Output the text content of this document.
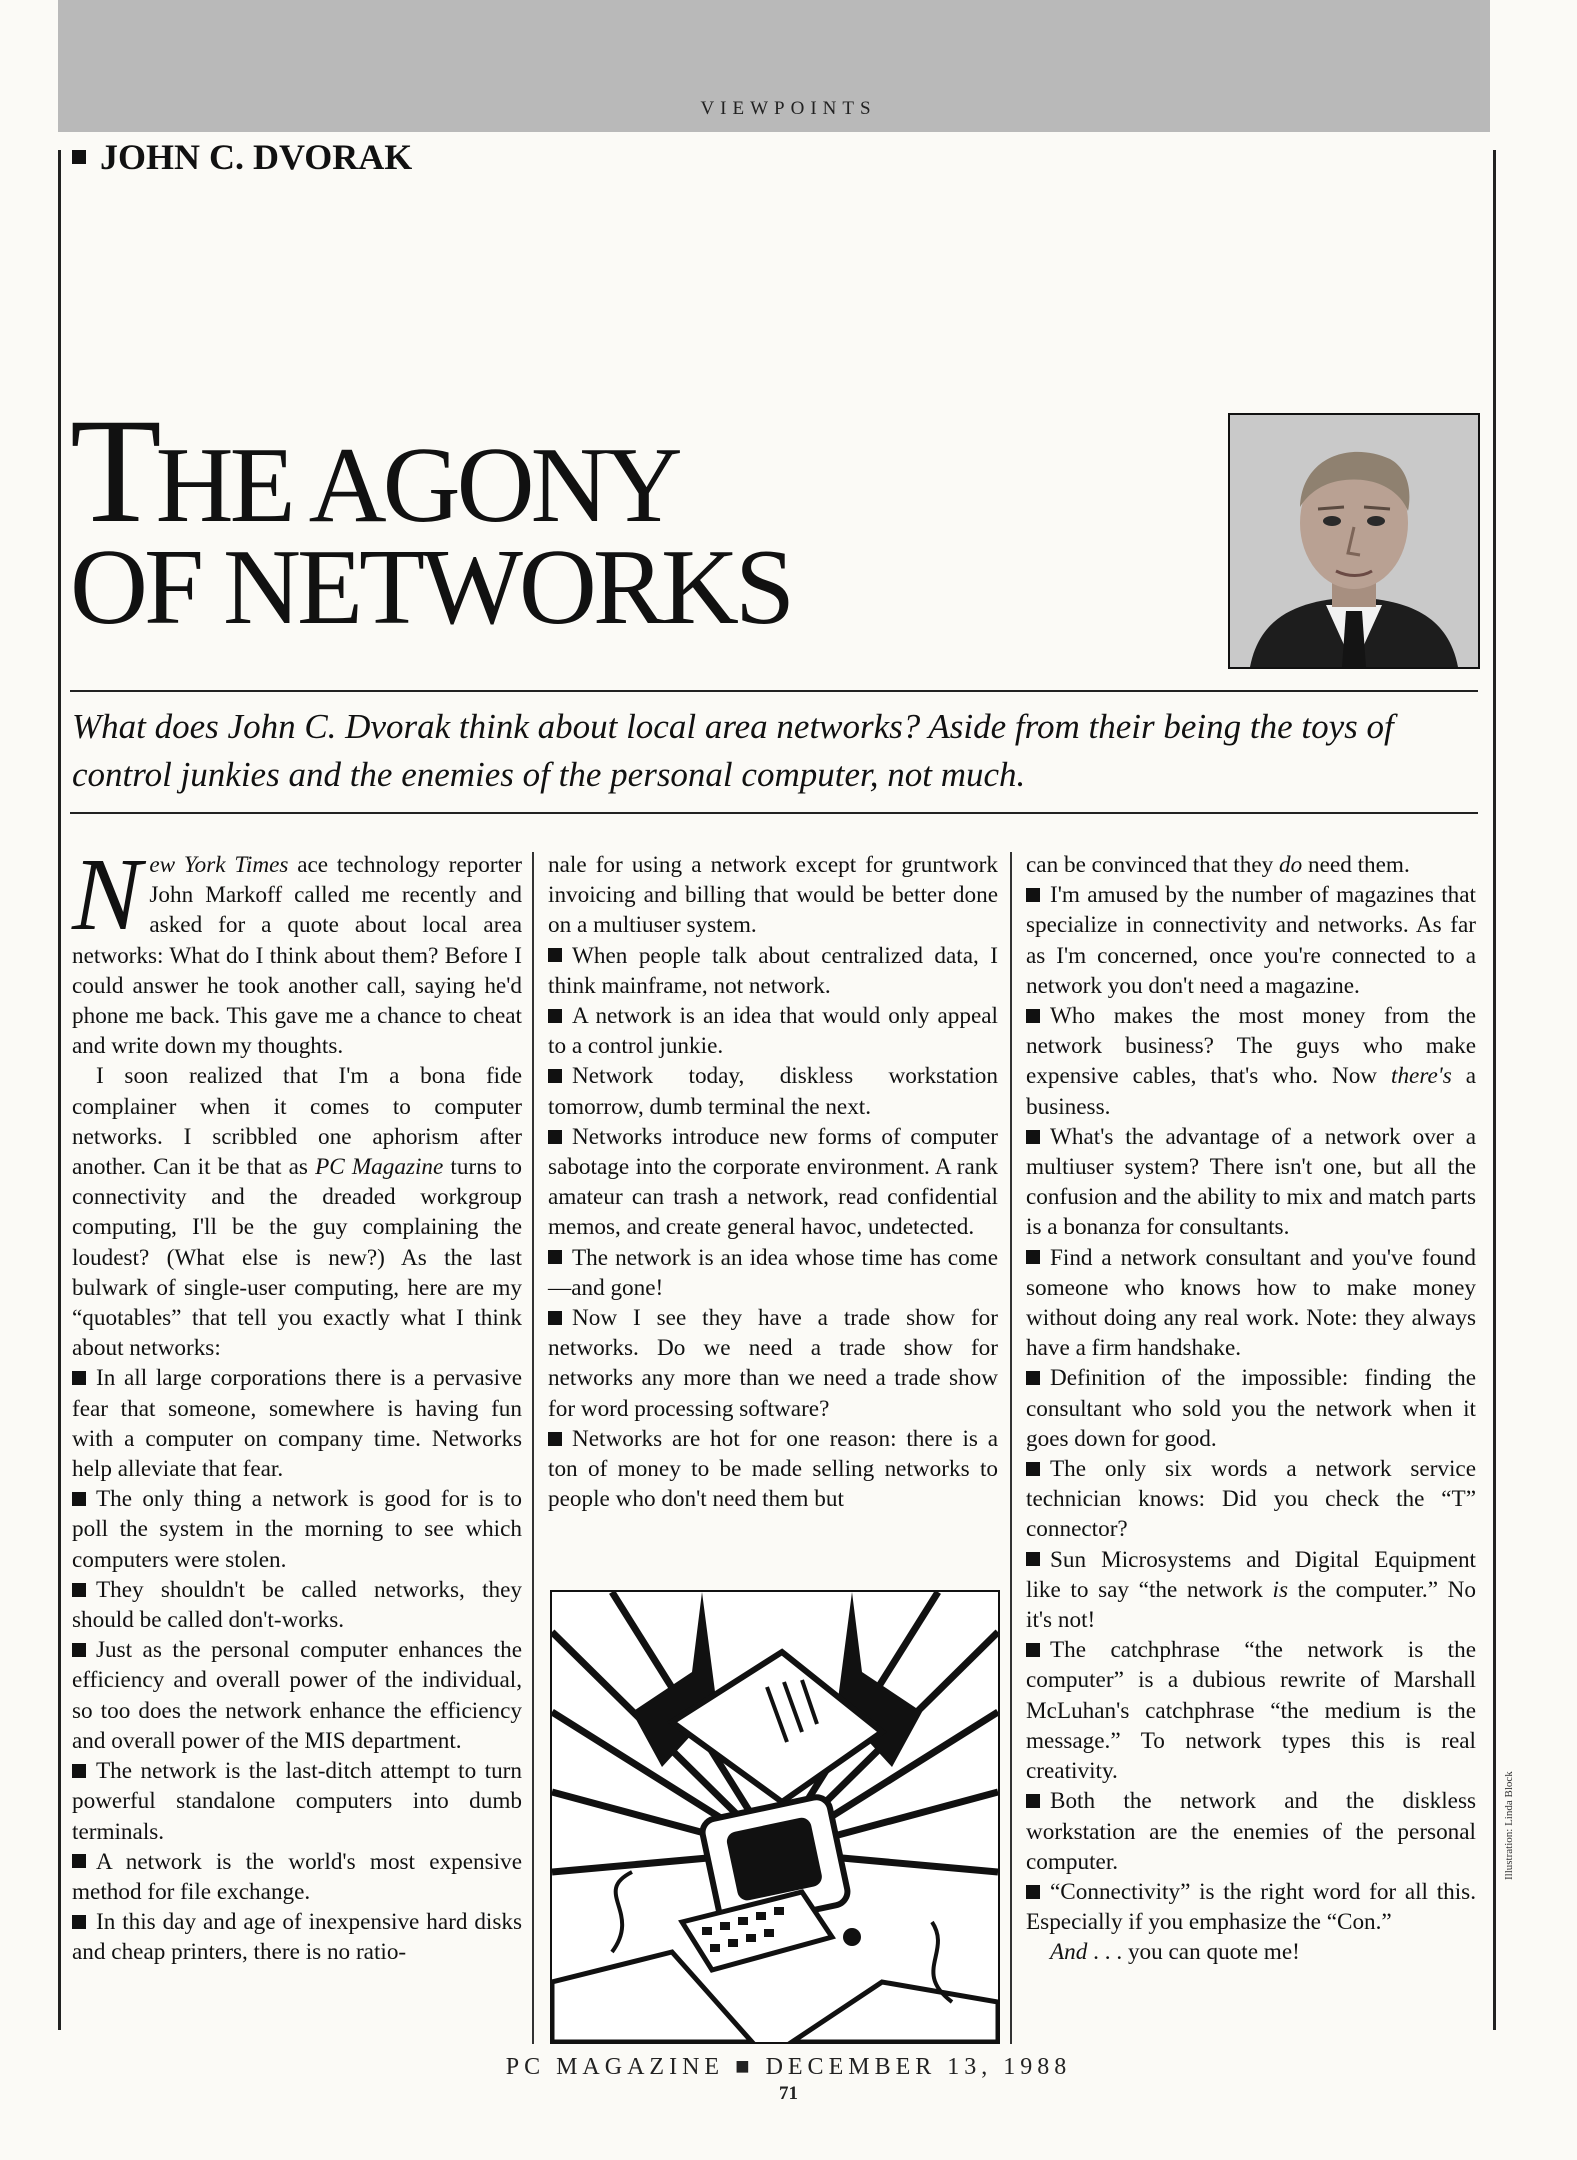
VIEWPOINTS
JOHN C. DVORAK
THE AGONY
OF NETWORKS
What does John C. Dvorak think about local area networks? Aside from their being the toys of control junkies and the enemies of the personal computer, not much.

New York Times ace technology reporter John Markoff called me recently and asked for a quote about local area networks: What do I think about them? Before I could answer he took another call, saying he'd phone me back. This gave me a chance to cheat and write down my thoughts.

I soon realized that I'm a bona fide complainer when it comes to computer networks. I scribbled one aphorism after another. Can it be that as PC Magazine turns to connectivity and the dreaded workgroup computing, I'll be the guy complaining the loudest? (What else is new?) As the last bulwark of single-user computing, here are my “quotables” that tell you exactly what I think about networks:

In all large corporations there is a pervasive fear that someone, somewhere is having fun with a computer on company time. Networks help alleviate that fear.

The only thing a network is good for is to poll the system in the morning to see which computers were stolen.

They shouldn't be called networks, they should be called don't-works.

Just as the personal computer enhances the efficiency and overall power of the individual, so too does the network enhance the efficiency and overall power of the MIS department.

The network is the last-ditch attempt to turn powerful standalone computers into dumb terminals.

A network is the world's most expensive method for file exchange.

In this day and age of inexpensive hard disks and cheap printers, there is no ratio-

nale for using a network except for gruntwork invoicing and billing that would be better done on a multiuser system.

When people talk about centralized data, I think mainframe, not network.

A network is an idea that would only appeal to a control junkie.

Network today, diskless workstation tomorrow, dumb terminal the next.

Networks introduce new forms of computer sabotage into the corporate environment. A rank amateur can trash a network, read confidential memos, and create general havoc, undetected.

The network is an idea whose time has come—and gone!

Now I see they have a trade show for networks. Do we need a trade show for networks any more than we need a trade show for word processing software?

Networks are hot for one reason: there is a ton of money to be made selling networks to people who don't need them but

can be convinced that they do need them.

I'm amused by the number of magazines that specialize in connectivity and networks. As far as I'm concerned, once you're connected to a network you don't need a magazine.

Who makes the most money from the network business? The guys who make expensive cables, that's who. Now there's a business.

What's the advantage of a network over a multiuser system? There isn't one, but all the confusion and the ability to mix and match parts is a bonanza for consultants.

Find a network consultant and you've found someone who knows how to make money without doing any real work. Note: they always have a firm handshake.

Definition of the impossible: finding the consultant who sold you the network when it goes down for good.

The only six words a network service technician knows: Did you check the “T” connector?

Sun Microsystems and Digital Equipment like to say “the network is the computer.” No it's not!

The catchphrase “the network is the computer” is a dubious rewrite of Marshall McLuhan's catchphrase “the medium is the message.” To network types this is real creativity.

Both the network and the diskless workstation are the enemies of the personal computer.

“Connectivity” is the right word for all this. Especially if you emphasize the “Con.”

And . . . you can quote me!

Illustration: Linda Block
PC MAGAZINE ■ DECEMBER 13, 1988
71
